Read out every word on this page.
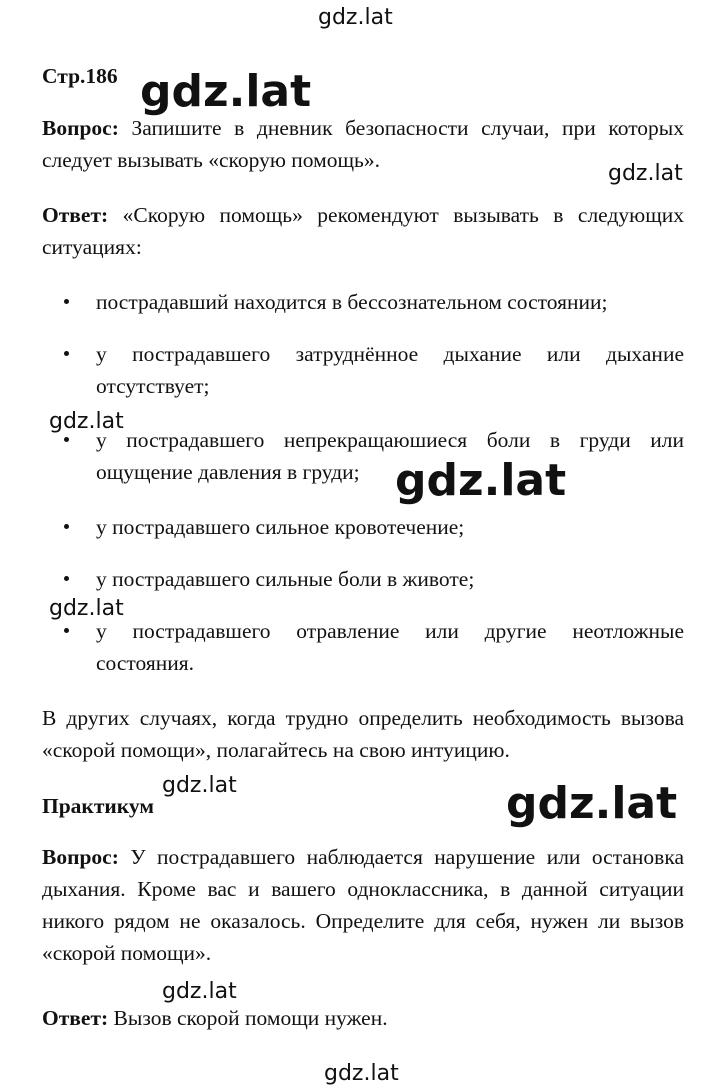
Стр.186

Вопрос: Запишите в дневник безопасности случаи, при которых следует вызывать «скорую помощь».

Ответ: «Скорую помощь» рекомендуют вызывать в следующих ситуациях:

пострадавший находится в бессознательном состоянии;
у пострадавшего затруднённое дыхание или дыхание отсутствует;
у пострадавшего непрекращаюшиеся боли в груди или ощущение давления в груди;
у пострадавшего сильное кровотечение;
у пострадавшего сильные боли в животе;
у пострадавшего отравление или другие неотложные состояния.

В других случаях, когда трудно определить необходимость вызова «скорой помощи», полагайтесь на свою интуицию.

Практикум

Вопрос: У пострадавшего наблюдается нарушение или остановка дыхания. Кроме вас и вашего одноклассника, в данной ситуации никого рядом не оказалось. Определите для себя, нужен ли вызов «скорой помощи».

Ответ: Вызов скорой помощи нужен.

gdz.lat
gdz.lat
gdz.lat
gdz.lat
gdz.lat
gdz.lat
gdz.lat	gdz.lat
gdz.lat
gdz.lat
